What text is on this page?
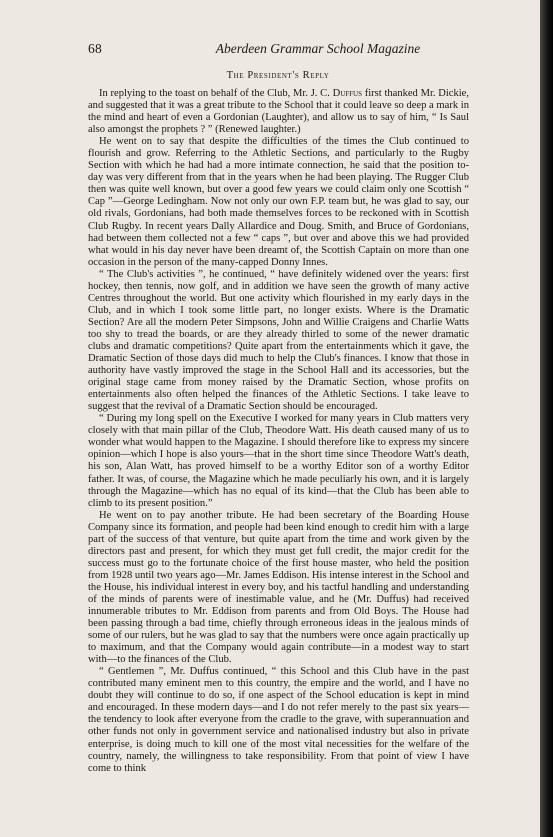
68	Aberdeen Grammar School Magazine
The President's Reply

In replying to the toast on behalf of the Club, Mr. J. C. Duffus first thanked Mr. Dickie, and suggested that it was a great tribute to the School that it could leave so deep a mark in the mind and heart of even a Gordonian (Laughter), and allow us to say of him, “ Is Saul also amongst the prophets ? ” (Renewed laughter.)

He went on to say that despite the difficulties of the times the Club continued to flourish and grow. Referring to the Athletic Sections, and particularly to the Rugby Section with which he had had a more intimate connection, he said that the position to-day was very different from that in the years when he had been playing. The Rugger Club then was quite well known, but over a good few years we could claim only one Scottish “ Cap ”—George Ledingham. Now not only our own F.P. team but, he was glad to say, our old rivals, Gordonians, had both made themselves forces to be reckoned with in Scottish Club Rugby. In recent years Dally Allardice and Doug. Smith, and Bruce of Gordonians, had between them collected not a few “ caps ”, but over and above this we had provided what would in his day never have been dreamt of, the Scottish Captain on more than one occasion in the person of the many-capped Donny Innes.

“ The Club's activities ”, he continued, “ have definitely widened over the years: first hockey, then tennis, now golf, and in addition we have seen the growth of many active Centres throughout the world. But one activity which flourished in my early days in the Club, and in which I took some little part, no longer exists. Where is the Dramatic Section? Are all the modern Peter Simpsons, John and Willie Craigens and Charlie Watts too shy to tread the boards, or are they already thirled to some of the newer dramatic clubs and dramatic competitions? Quite apart from the entertainments which it gave, the Dramatic Section of those days did much to help the Club's finances. I know that those in authority have vastly improved the stage in the School Hall and its accessories, but the original stage came from money raised by the Dramatic Section, whose profits on entertainments also often helped the finances of the Athletic Sections. I take leave to suggest that the revival of a Dramatic Section should be encouraged.

“ During my long spell on the Executive I worked for many years in Club matters very closely with that main pillar of the Club, Theodore Watt. His death caused many of us to wonder what would happen to the Magazine. I should therefore like to express my sincere opinion—which I hope is also yours—that in the short time since Theodore Watt's death, his son, Alan Watt, has proved himself to be a worthy Editor son of a worthy Editor father. It was, of course, the Magazine which he made peculiarly his own, and it is largely through the Magazine—which has no equal of its kind—that the Club has been able to climb to its present position.”

He went on to pay another tribute. He had been secretary of the Boarding House Company since its formation, and people had been kind enough to credit him with a large part of the success of that venture, but quite apart from the time and work given by the directors past and present, for which they must get full credit, the major credit for the success must go to the fortunate choice of the first house master, who held the position from 1928 until two years ago—Mr. James Eddison. His intense interest in the School and the House, his individual interest in every boy, and his tactful handling and understanding of the minds of parents were of inestimable value, and he (Mr. Duffus) had received innumerable tributes to Mr. Eddison from parents and from Old Boys. The House had been passing through a bad time, chiefly through erroneous ideas in the jealous minds of some of our rulers, but he was glad to say that the numbers were once again practically up to maximum, and that the Company would again contribute—in a modest way to start with—to the finances of the Club.

“ Gentlemen ”, Mr. Duffus continued, “ this School and this Club have in the past contributed many eminent men to this country, the empire and the world, and I have no doubt they will continue to do so, if one aspect of the School education is kept in mind and encouraged. In these modern days—and I do not refer merely to the past six years—the tendency to look after everyone from the cradle to the grave, with superannuation and other funds not only in government service and nationalised industry but also in private enterprise, is doing much to kill one of the most vital necessities for the welfare of the country, namely, the willingness to take responsibility. From that point of view I have come to think
